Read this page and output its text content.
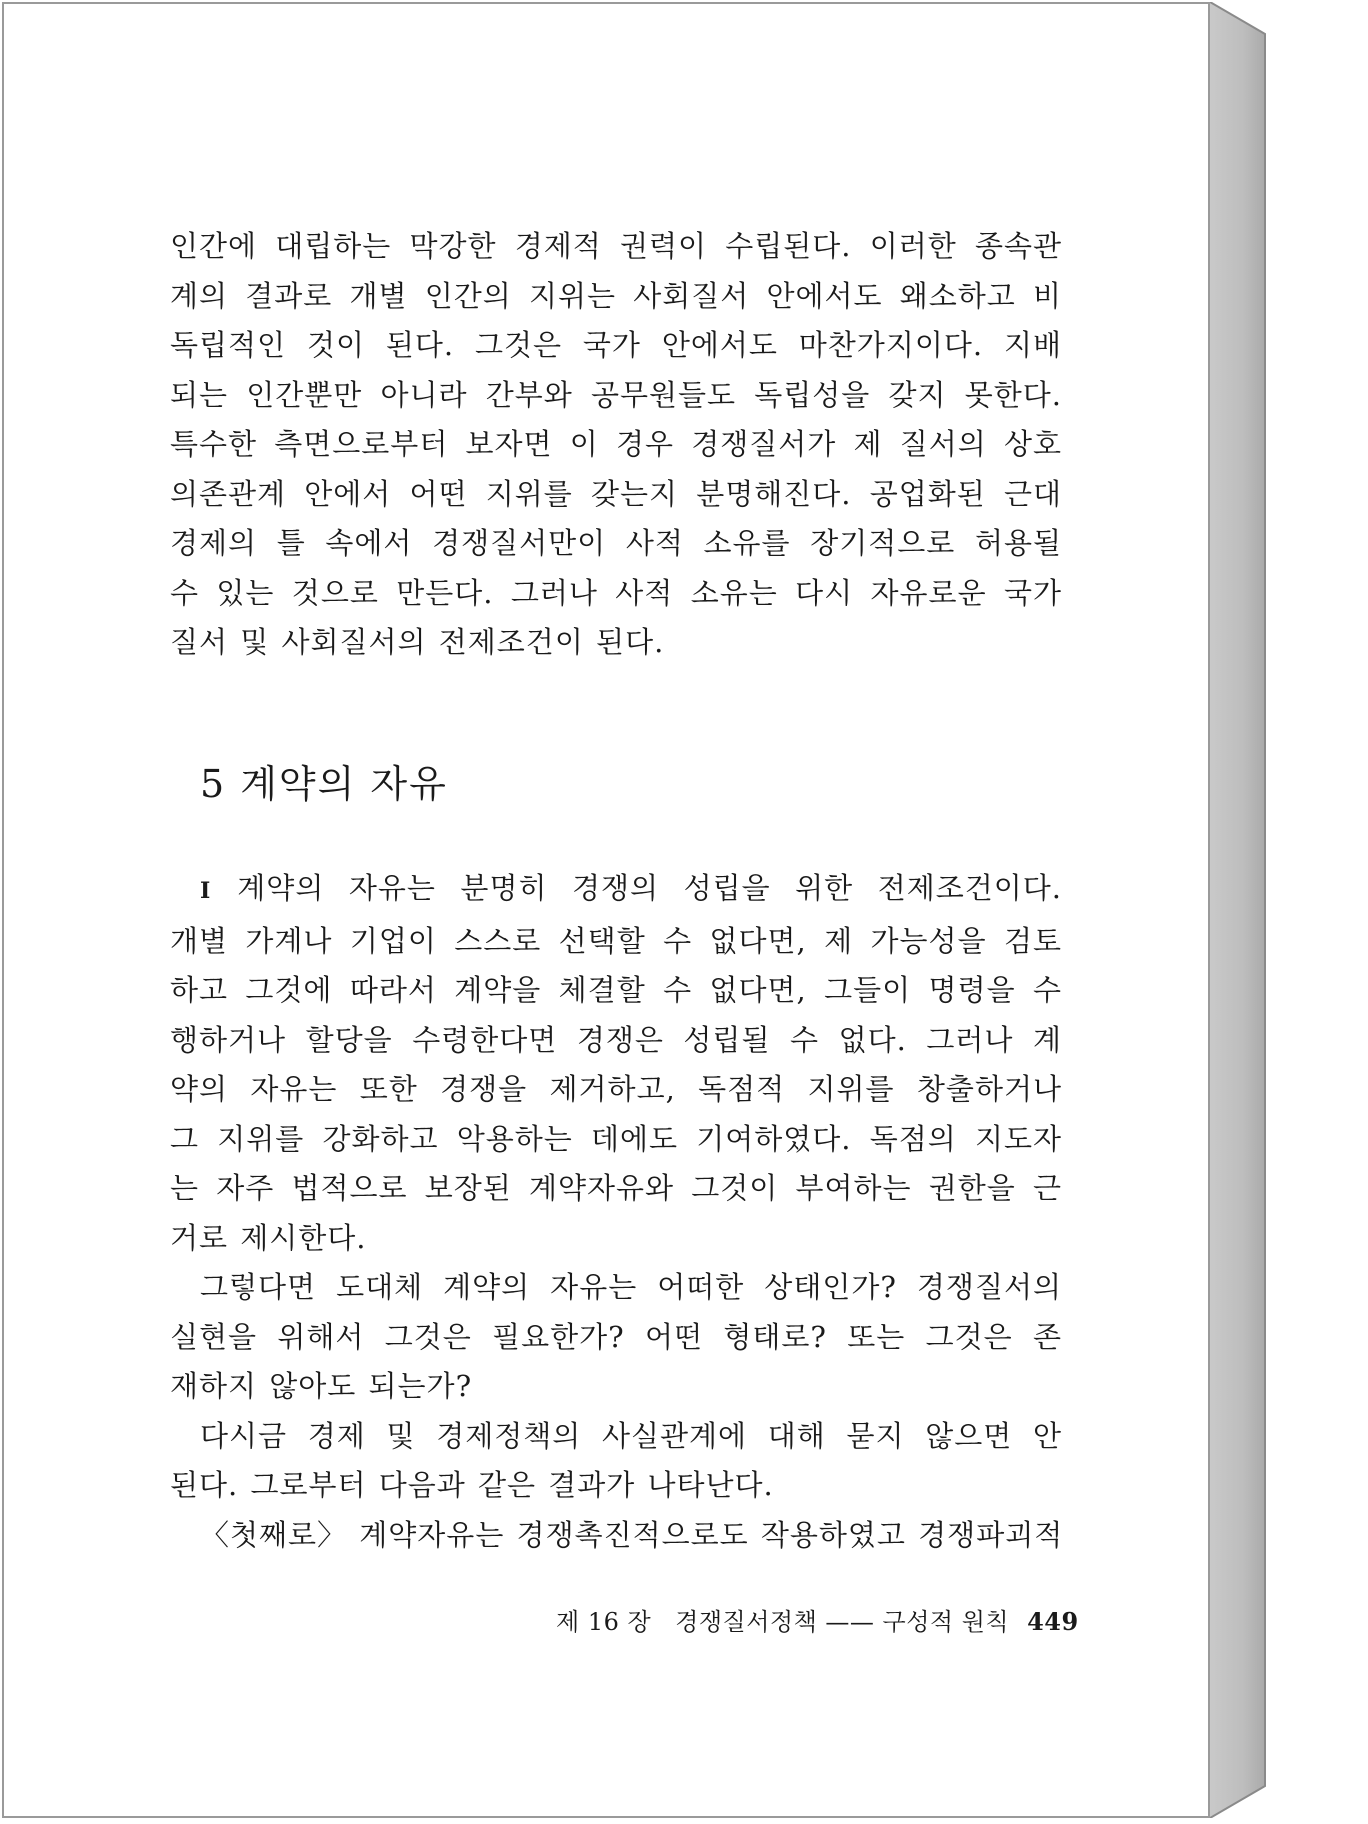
인간에 대립하는 막강한 경제적 권력이 수립된다. 이러한 종속관
계의 결과로 개별 인간의 지위는 사회질서 안에서도 왜소하고 비
독립적인 것이 된다. 그것은 국가 안에서도 마찬가지이다. 지배
되는 인간뿐만 아니라 간부와 공무원들도 독립성을 갖지 못한다.
특수한 측면으로부터 보자면 이 경우 경쟁질서가 제 질서의 상호
의존관계 안에서 어떤 지위를 갖는지 분명해진다. 공업화된 근대
경제의 틀 속에서 경쟁질서만이 사적 소유를 장기적으로 허용될
수 있는 것으로 만든다. 그러나 사적 소유는 다시 자유로운 국가
질서 및 사회질서의 전제조건이 된다.
5 계약의 자유
I 계약의 자유는 분명히 경쟁의 성립을 위한 전제조건이다.
개별 가계나 기업이 스스로 선택할 수 없다면, 제 가능성을 검토
하고 그것에 따라서 계약을 체결할 수 없다면, 그들이 명령을 수
행하거나 할당을 수령한다면 경쟁은 성립될 수 없다. 그러나 계
약의 자유는 또한 경쟁을 제거하고, 독점적 지위를 창출하거나
그 지위를 강화하고 악용하는 데에도 기여하였다. 독점의 지도자
는 자주 법적으로 보장된 계약자유와 그것이 부여하는 권한을 근
거로 제시한다.
그렇다면 도대체 계약의 자유는 어떠한 상태인가? 경쟁질서의
실현을 위해서 그것은 필요한가? 어떤 형태로? 또는 그것은 존
재하지 않아도 되는가?
다시금 경제 및 경제정책의 사실관계에 대해 묻지 않으면 안
된다. 그로부터 다음과 같은 결과가 나타난다.
〈첫째로〉 계약자유는 경쟁촉진적으로도 작용하였고 경쟁파괴적
제 16 장 경쟁질서정책 —— 구성적 원칙 449
